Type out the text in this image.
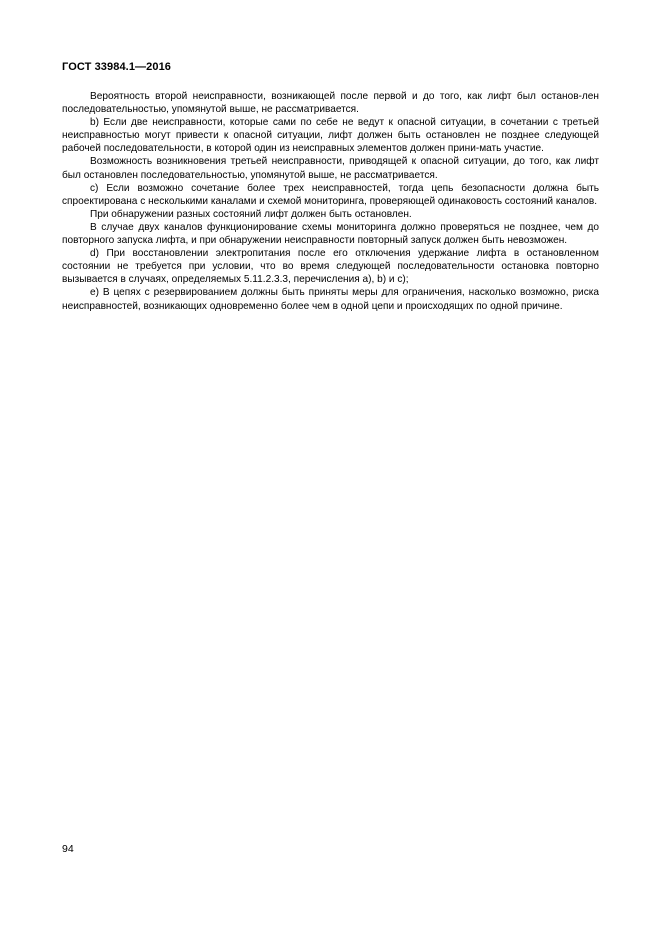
ГОСТ 33984.1—2016

Вероятность второй неисправности, возникающей после первой и до того, как лифт был останов-лен последовательностью, упомянутой выше, не рассматривается.

b) Если две неисправности, которые сами по себе не ведут к опасной ситуации, в сочетании с третьей неисправностью могут привести к опасной ситуации, лифт должен быть остановлен не позднее следующей рабочей последовательности, в которой один из неисправных элементов должен прини-мать участие.

Возможность возникновения третьей неисправности, приводящей к опасной ситуации, до того, как лифт был остановлен последовательностью, упомянутой выше, не рассматривается.

c) Если возможно сочетание более трех неисправностей, тогда цепь безопасности должна быть спроектирована с несколькими каналами и схемой мониторинга, проверяющей одинаковость состояний каналов.

При обнаружении разных состояний лифт должен быть остановлен.

В случае двух каналов функционирование схемы мониторинга должно проверяться не позднее, чем до повторного запуска лифта, и при обнаружении неисправности повторный запуск должен быть невозможен.

d) При восстановлении электропитания после его отключения удержание лифта в остановленном состоянии не требуется при условии, что во время следующей последовательности остановка повторно вызывается в случаях, определяемых 5.11.2.3.3, перечисления a), b) и c);

e) В цепях с резервированием должны быть приняты меры для ограничения, насколько возможно, риска неисправностей, возникающих одновременно более чем в одной цепи и происходящих по одной причине.

94
